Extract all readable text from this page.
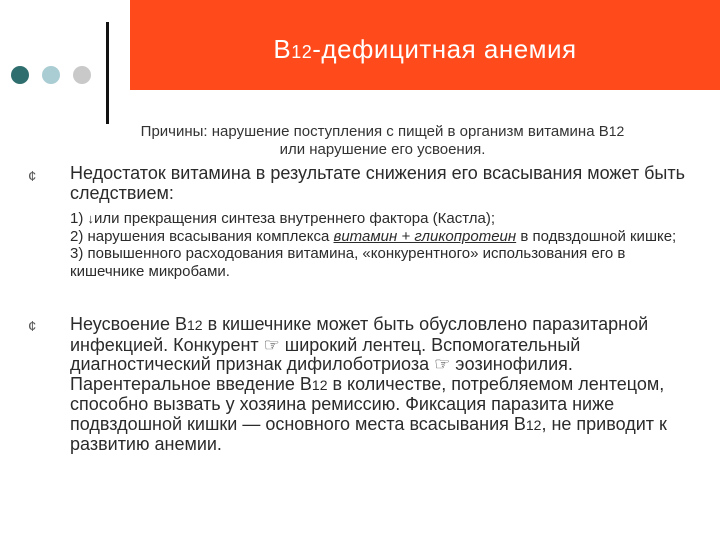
B12-дефицитная анемия
Причины: нарушение поступления с пищей в организм витамина B12
или нарушение его усвоения.
¢	Недостаток витамина в результате снижения его всасывания может быть следствием:
1) ↓или прекращения синтеза внутреннего фактора (Кастла);
2) нарушения всасывания комплекса витамин + гликопротеин в подвздошной кишке;
3) повышенного расходования витамина, «конкурентного» использования его в кишечнике микробами.
¢	Неусвоение B12 в кишечнике может быть обусловлено паразитарной инфекцией. Конкурент ☞ широкий лентец. Вспомогательный диагностический признак дифилоботриоза ☞ эозинофилия. Парентеральное введение B12 в количестве, потребляемом лентецом, способно вызвать у хозяина ремиссию. Фиксация паразита ниже подвздошной кишки — основного места всасывания B12, не приводит к развитию анемии.
